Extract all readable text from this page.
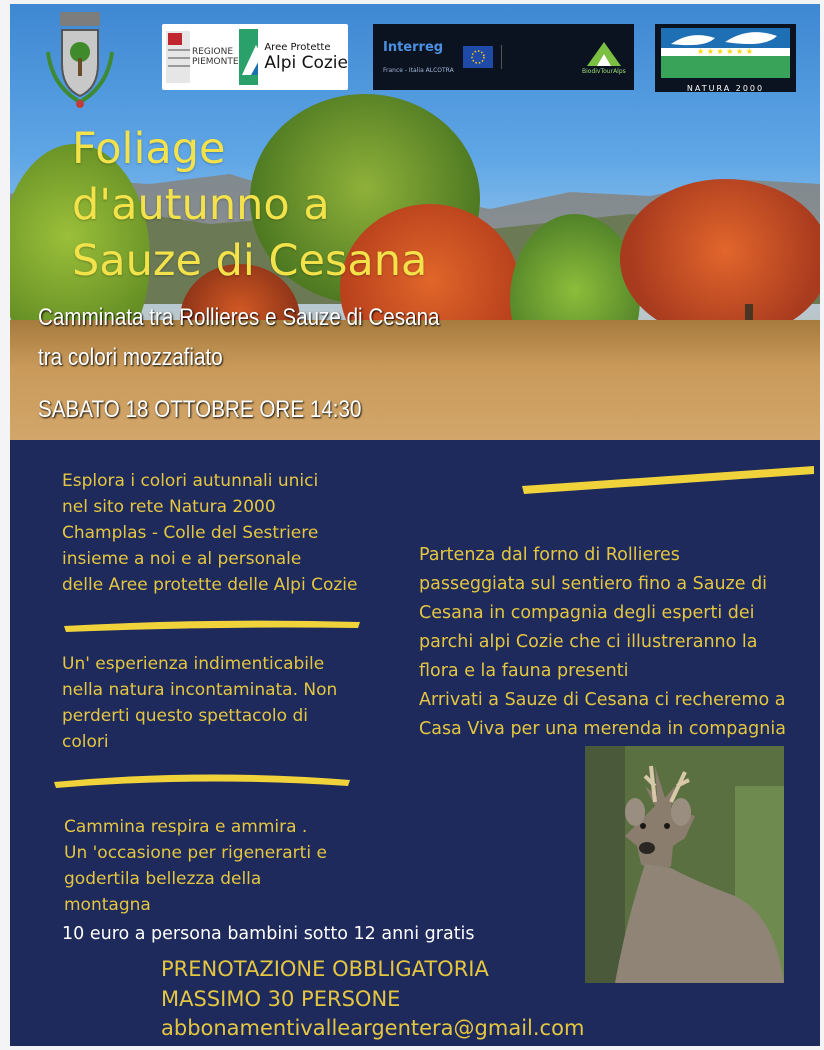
REGIONE
PIEMONTE
Aree Protette
Alpi Cozie
Interreg
France - Italia ALCOTRA	BiodivTourAlps
★ ★ ★ ★ ★ ★
NATURA 2000
Foliage
d'autunno a
Sauze di Cesana
Camminata tra Rollieres e Sauze di Cesana
tra colori mozzafiato
SABATO 18 OTTOBRE ORE 14:30
Esplora i colori autunnali unici
nel sito rete Natura 2000
Champlas - Colle del Sestriere
insieme a noi e al personale
delle Aree protette delle Alpi Cozie
Un' esperienza indimenticabile
nella natura incontaminata. Non
perderti questo spettacolo di
colori
Cammina respira e ammira .
Un 'occasione per rigenerarti e
godertila bellezza della
montagna
Partenza dal forno di Rollieres
passeggiata sul sentiero fino a Sauze di
Cesana in compagnia degli esperti dei
parchi alpi Cozie che ci illustreranno la
flora e la fauna presenti
Arrivati a Sauze di Cesana ci recheremo a
Casa Viva per una merenda in compagnia
10 euro a persona bambini sotto 12 anni gratis
PRENOTAZIONE OBBLIGATORIA
MASSIMO 30 PERSONE
abbonamentivalleargentera@gmail.com
